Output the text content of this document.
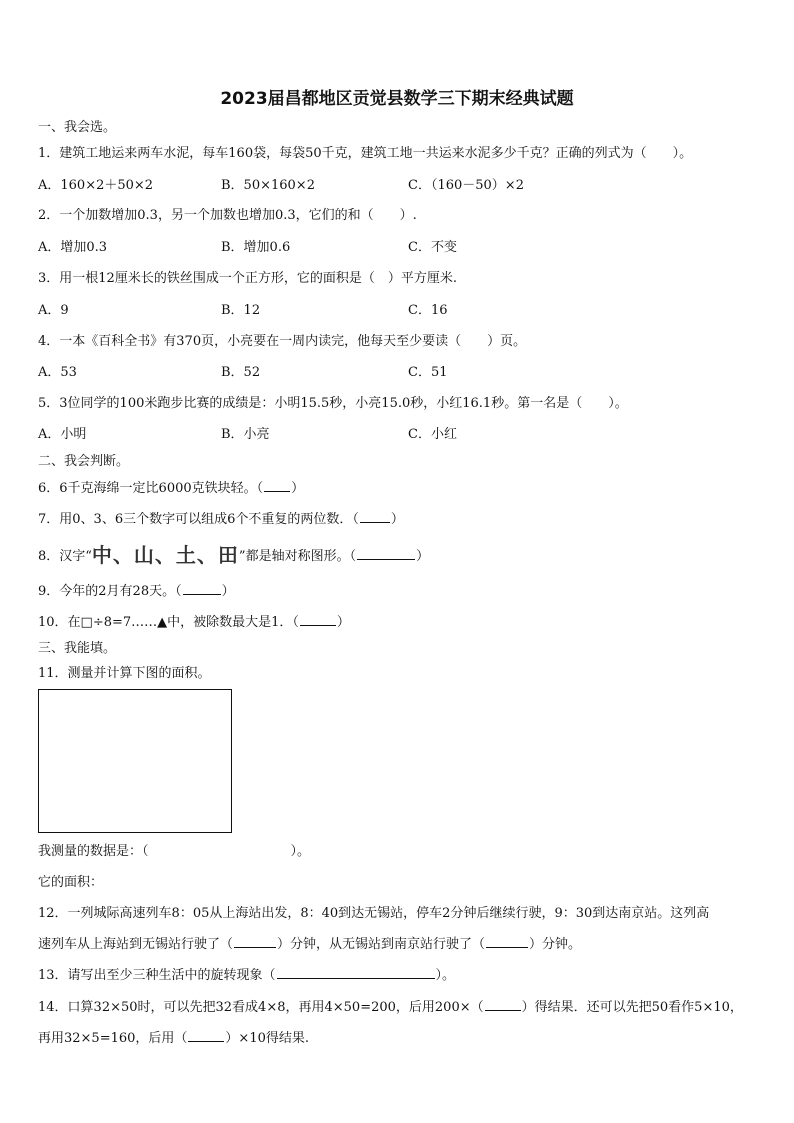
2023届昌都地区贡觉县数学三下期末经典试题
一、我会选。
1．建筑工地运来两车水泥，每车160袋，每袋50千克，建筑工地一共运来水泥多少千克？正确的列式为（　　）。
A．160×2＋50×2	B．50×160×2	C．（160－50）×2
2．一个加数增加0.3，另一个加数也增加0.3，它们的和（　　）.
A．增加0.3	B．增加0.6	C．不变
3．用一根12厘米长的铁丝围成一个正方形，它的面积是（　）平方厘米.
A．9	B．12	C．16
4．一本《百科全书》有370页，小亮要在一周内读完，他每天至少要读（　　）页。
A．53	B．52	C．51
5．3位同学的100米跑步比赛的成绩是：小明15.5秒，小亮15.0秒，小红16.1秒。第一名是（　　）。
A．小明	B．小亮	C．小红
二、我会判断。
6．6千克海绵一定比6000克铁块轻。（ ）
7．用0、3、6三个数字可以组成6个不重复的两位数．（ ）
8．汉字“中、山、土、田”都是轴对称图形。（	）
9．今年的2月有28天。（	）
10．在□÷8=7……▲中，被除数最大是1．（	）
三、我能填。
11．测量并计算下图的面积。
我测量的数据是：（	）。
它的面积：
12．一列城际高速列车8：05从上海站出发，8：40到达无锡站，停车2分钟后继续行驶，9：30到达南京站。这列高
速列车从上海站到无锡站行驶了（	）分钟，从无锡站到南京站行驶了（	）分钟。
13．请写出至少三种生活中的旋转现象（	）。
14．口算32×50时，可以先把32看成4×8，再用4×50=200，后用200×（	）得结果．还可以先把50看作5×10，
再用32×5=160，后用（	）×10得结果.
